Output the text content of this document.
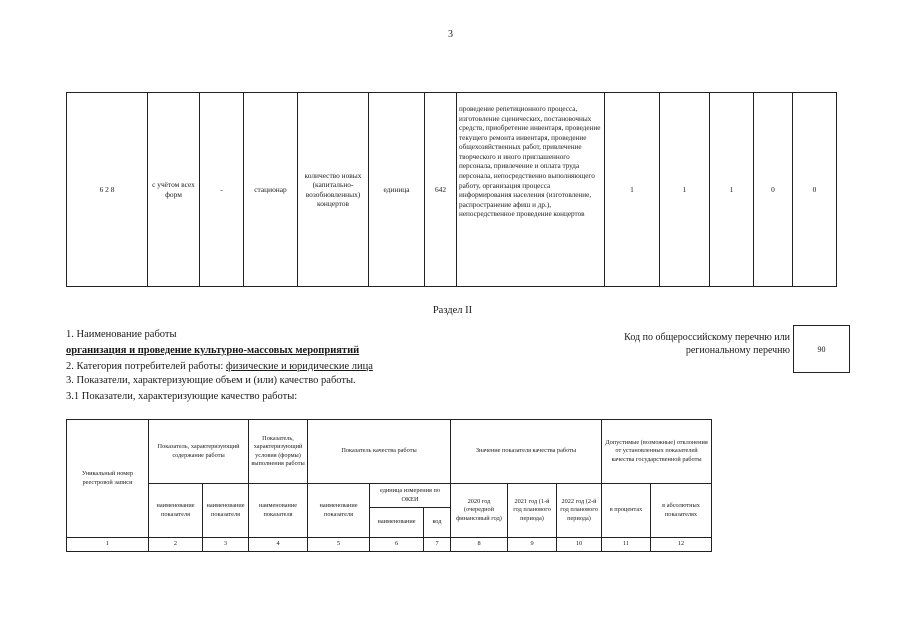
3
6 2 8	с учётом всех форм	-	стационар	количество новых (капитально-возобновленных) концертов	единица	642	проведение репетиционного процесса, изготовление сценических, постановочных средств, приобретение инвентаря, проведение текущего ремонта инвентаря, проведение общехозяйственных работ, привлечение творческого и иного приглашенного персонала, привлечение и оплата труда персонала, непосредственно выполняющего работу, организация процесса информирования населения (изготовление, распространение афиш и др.), непосредственное проведение концертов	1	1	1	0	0
Раздел II
1. Наименование работы
организация и проведение культурно-массовых мероприятий
2. Категория потребителей работы: физические и юридические лица
3. Показатели, характеризующие объем и (или) качество работы.
3.1 Показатели, характеризующие качество работы:
Код по общероссийскому перечню или региональному перечню	90
Уникальный номер реестровой записи	Показатель, характеризующий содержание работы		Показатель, характеризующий условия (формы) выполнения работы	Показатель качества работы			Значение показателя качества работы			Допустимые (возможные) отклонения от установленных показателей качества государственной работы	
	наименование показателя	наименование показателя	наименование показателя	наименование показателя	единица измерения по ОКЕИ		2020 год (очередной финансовый год)	2021 год (1-й год планового периода)	2022 год (2-й год планового периода)	в процентах	в абсолютных показателях
					наименование	код					
1	2	3	4	5	6	7	8	9	10	11	12
